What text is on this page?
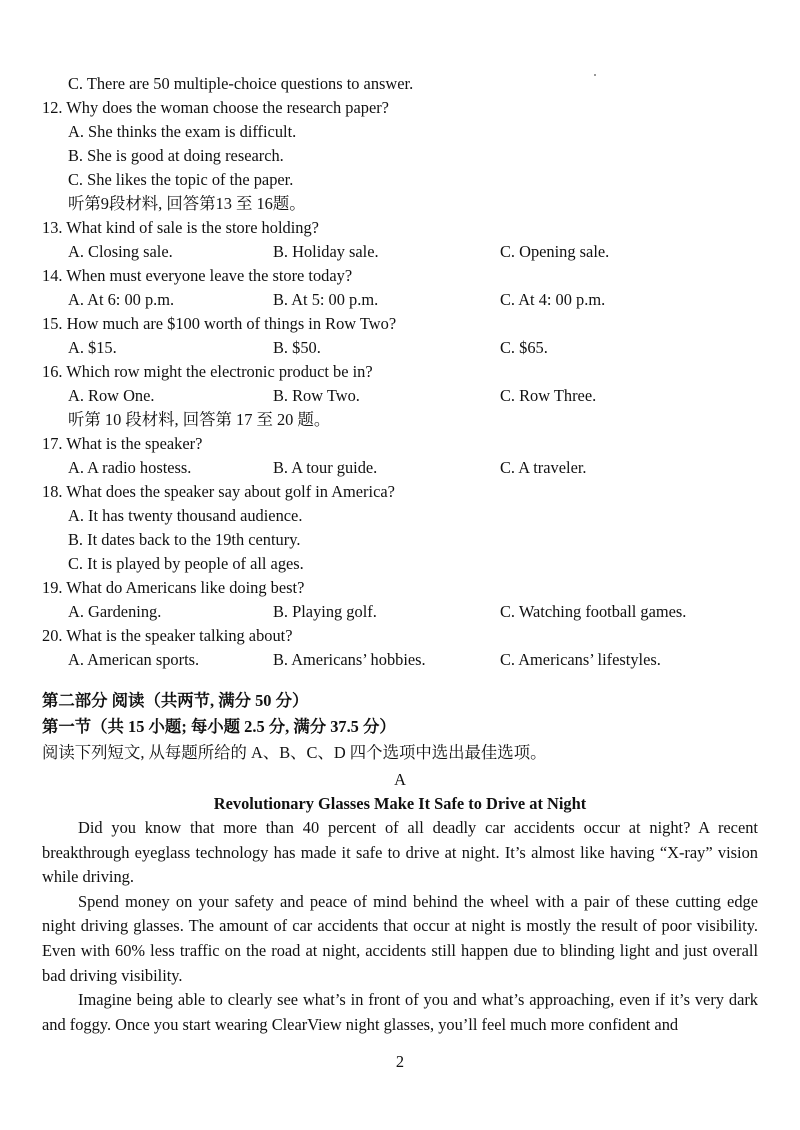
C. There are 50 multiple-choice questions to answer.
12. Why does the woman choose the research paper?
A. She thinks the exam is difficult.
B. She is good at doing research.
C. She likes the topic of the paper.
听第9段材料, 回答第13 至 16题。
13. What kind of sale is the store holding?
A. Closing sale.	B. Holiday sale.	C. Opening sale.
14. When must everyone leave the store today?
A. At 6: 00 p.m.	B. At 5: 00 p.m.	C. At 4: 00 p.m.
15. How much are $100 worth of things in Row Two?
A. $15.	B. $50.	C. $65.
16. Which row might the electronic product be in?
A. Row One.	B. Row Two.	C. Row Three.
听第 10 段材料, 回答第 17 至 20 题。
17. What is the speaker?
A. A radio hostess.	B. A tour guide.	C. A traveler.
18. What does the speaker say about golf in America?
A. It has twenty thousand audience.
B. It dates back to the 19th century.
C. It is played by people of all ages.
19. What do Americans like doing best?
A. Gardening.	B. Playing golf.	C. Watching football games.
20. What is the speaker talking about?
A. American sports.	B. Americans’ hobbies.	C. Americans’ lifestyles.
第二部分 阅读（共两节, 满分 50 分）
第一节（共 15 小题; 每小题 2.5 分, 满分 37.5 分）
阅读下列短文, 从每题所给的 A、B、C、D 四个选项中选出最佳选项。
A
Revolutionary Glasses Make It Safe to Drive at Night

Did you know that more than 40 percent of all deadly car accidents occur at night? A recent breakthrough eyeglass technology has made it safe to drive at night. It’s almost like having “X-ray” vision while driving.

Spend money on your safety and peace of mind behind the wheel with a pair of these cutting edge night driving glasses. The amount of car accidents that occur at night is mostly the result of poor visibility. Even with 60% less traffic on the road at night, accidents still happen due to blinding light and just overall bad driving visibility.

Imagine being able to clearly see what’s in front of you and what’s approaching, even if it’s very dark and foggy. Once you start wearing ClearView night glasses, you’ll feel much more confident and

2
